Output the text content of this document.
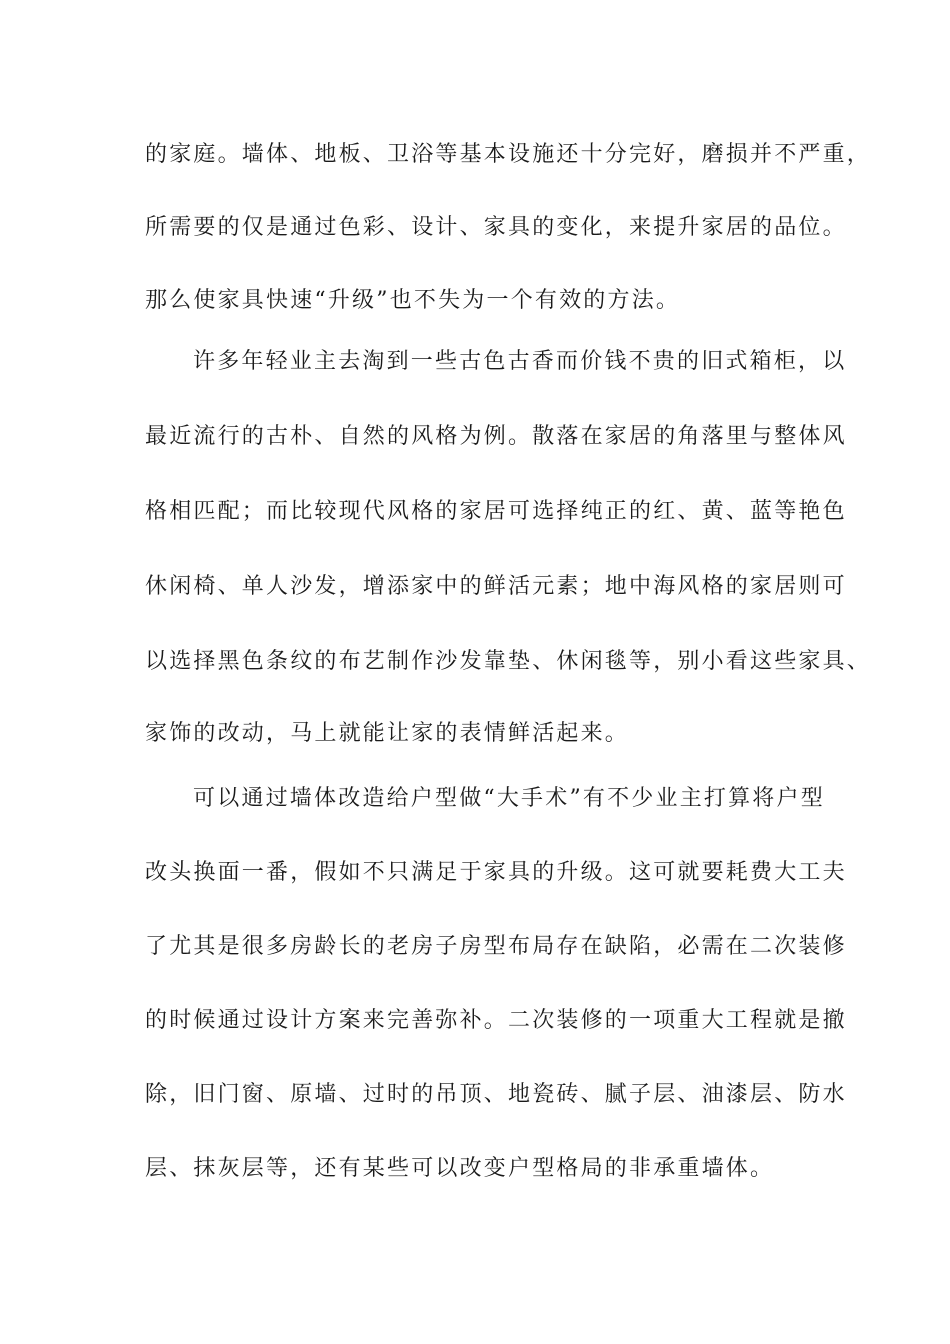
的家庭。墙体、地板、卫浴等基本设施还十分完好，磨损并不严重，
所需要的仅是通过色彩、设计、家具的变化，来提升家居的品位。
那么使家具快速“升级”也不失为一个有效的方法。
许多年轻业主去淘到一些古色古香而价钱不贵的旧式箱柜，以
最近流行的古朴、自然的风格为例。散落在家居的角落里与整体风
格相匹配；而比较现代风格的家居可选择纯正的红、黄、蓝等艳色
休闲椅、单人沙发，增添家中的鲜活元素；地中海风格的家居则可
以选择黑色条纹的布艺制作沙发靠垫、休闲毯等，别小看这些家具、
家饰的改动，马上就能让家的表情鲜活起来。
可以通过墙体改造给户型做“大手术”有不少业主打算将户型
改头换面一番，假如不只满足于家具的升级。这可就要耗费大工夫
了尤其是很多房龄长的老房子房型布局存在缺陷，必需在二次装修
的时候通过设计方案来完善弥补。二次装修的一项重大工程就是撤
除，旧门窗、原墙、过时的吊顶、地瓷砖、腻子层、油漆层、防水
层、抹灰层等，还有某些可以改变户型格局的非承重墙体。
